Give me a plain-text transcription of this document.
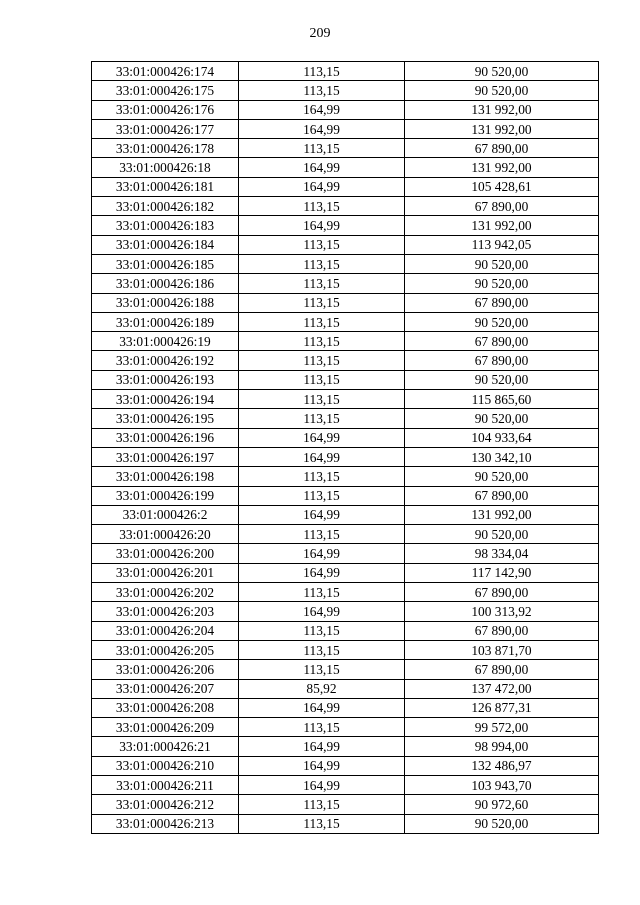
209
33:01:000426:174	113,15	90 520,00
33:01:000426:175	113,15	90 520,00
33:01:000426:176	164,99	131 992,00
33:01:000426:177	164,99	131 992,00
33:01:000426:178	113,15	67 890,00
33:01:000426:18	164,99	131 992,00
33:01:000426:181	164,99	105 428,61
33:01:000426:182	113,15	67 890,00
33:01:000426:183	164,99	131 992,00
33:01:000426:184	113,15	113 942,05
33:01:000426:185	113,15	90 520,00
33:01:000426:186	113,15	90 520,00
33:01:000426:188	113,15	67 890,00
33:01:000426:189	113,15	90 520,00
33:01:000426:19	113,15	67 890,00
33:01:000426:192	113,15	67 890,00
33:01:000426:193	113,15	90 520,00
33:01:000426:194	113,15	115 865,60
33:01:000426:195	113,15	90 520,00
33:01:000426:196	164,99	104 933,64
33:01:000426:197	164,99	130 342,10
33:01:000426:198	113,15	90 520,00
33:01:000426:199	113,15	67 890,00
33:01:000426:2	164,99	131 992,00
33:01:000426:20	113,15	90 520,00
33:01:000426:200	164,99	98 334,04
33:01:000426:201	164,99	117 142,90
33:01:000426:202	113,15	67 890,00
33:01:000426:203	164,99	100 313,92
33:01:000426:204	113,15	67 890,00
33:01:000426:205	113,15	103 871,70
33:01:000426:206	113,15	67 890,00
33:01:000426:207	85,92	137 472,00
33:01:000426:208	164,99	126 877,31
33:01:000426:209	113,15	99 572,00
33:01:000426:21	164,99	98 994,00
33:01:000426:210	164,99	132 486,97
33:01:000426:211	164,99	103 943,70
33:01:000426:212	113,15	90 972,60
33:01:000426:213	113,15	90 520,00
